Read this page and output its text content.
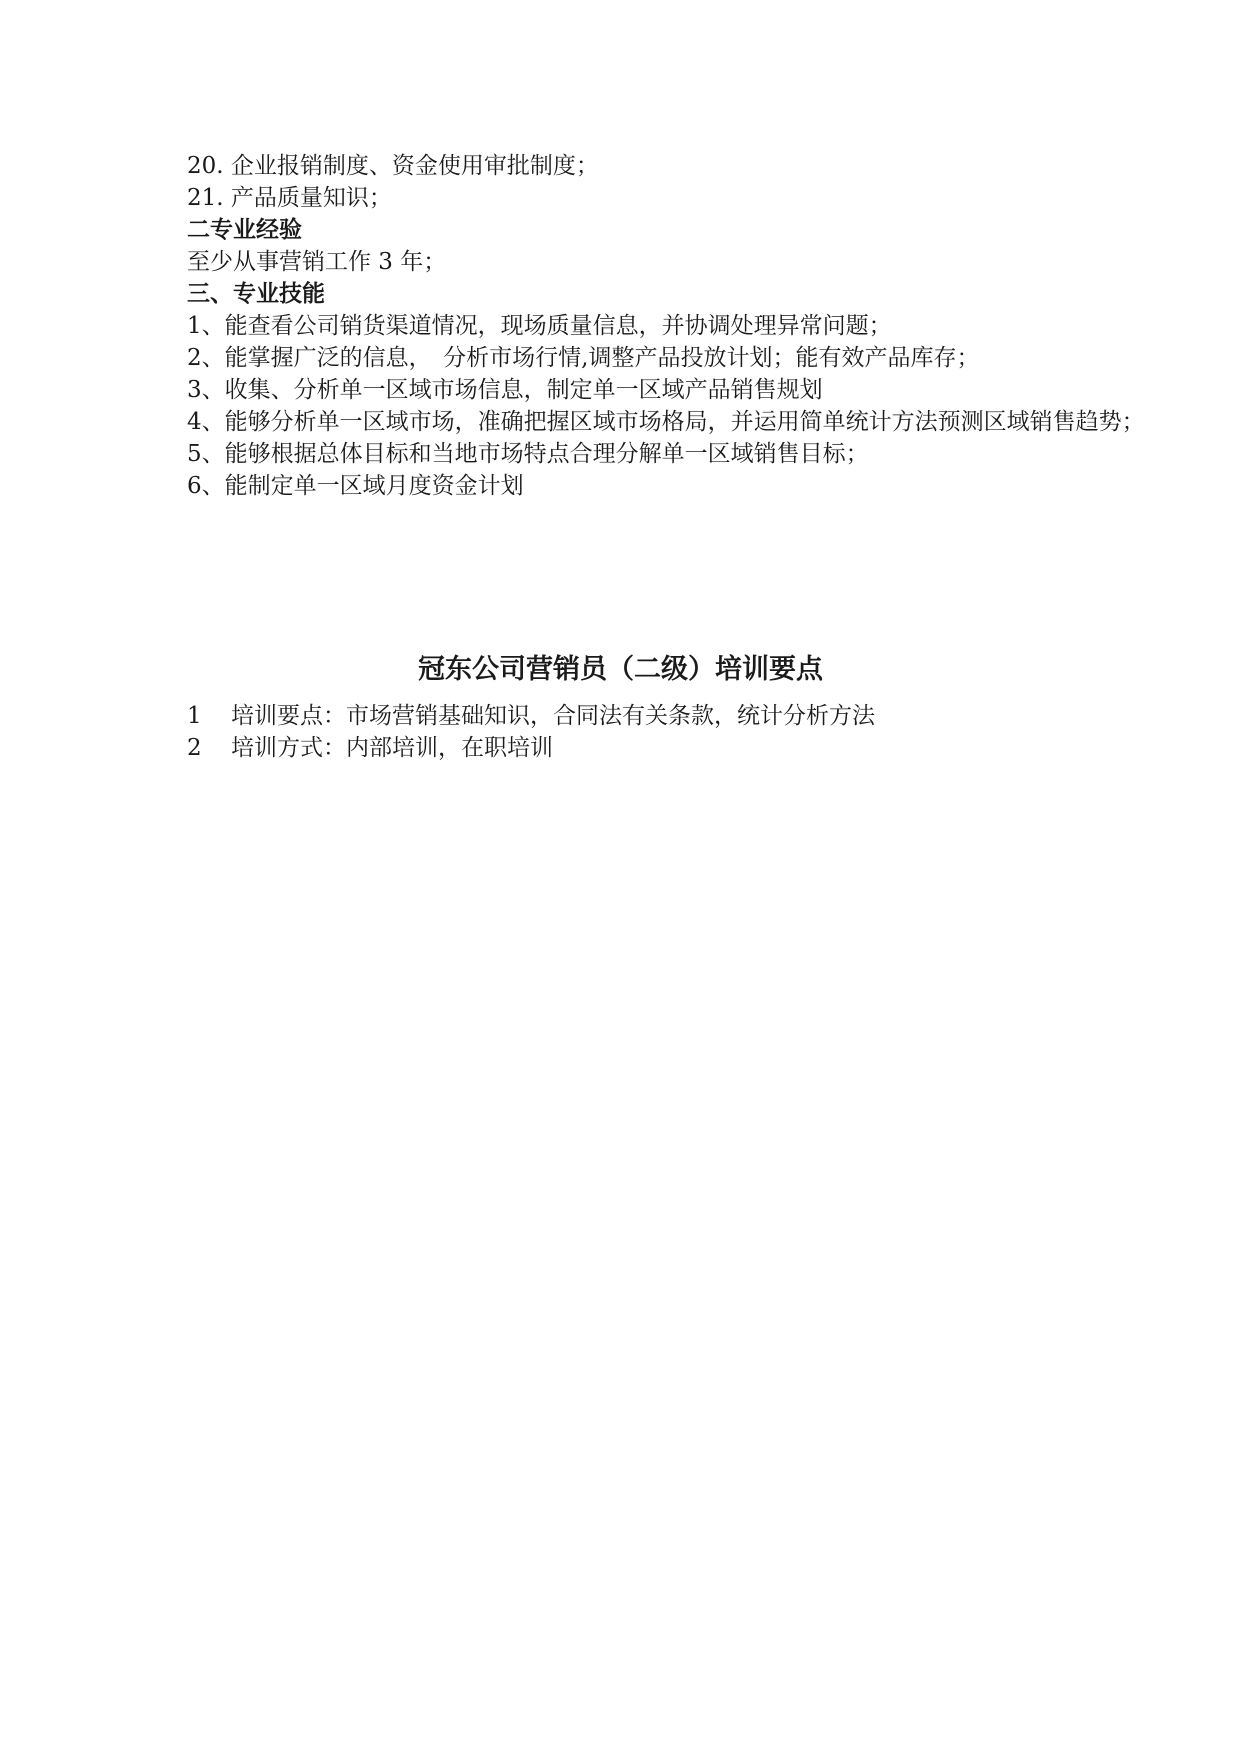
20. 企业报销制度、资金使用审批制度；
21. 产品质量知识；
二专业经验
至少从事营销工作 3 年；
三、专业技能
1、能查看公司销货渠道情况，现场质量信息，并协调处理异常问题；
2、能掌握广泛的信息，　分析市场行情,调整产品投放计划；能有效产品库存；
3、收集、分析单一区域市场信息，制定单一区域产品销售规划
4、能够分析单一区域市场，准确把握区域市场格局，并运用简单统计方法预测区域销售趋势；
5、能够根据总体目标和当地市场特点合理分解单一区域销售目标；
6、能制定单一区域月度资金计划
冠东公司营销员（二级）培训要点
1	培训要点：市场营销基础知识，合同法有关条款，统计分析方法
2	培训方式：内部培训，在职培训
